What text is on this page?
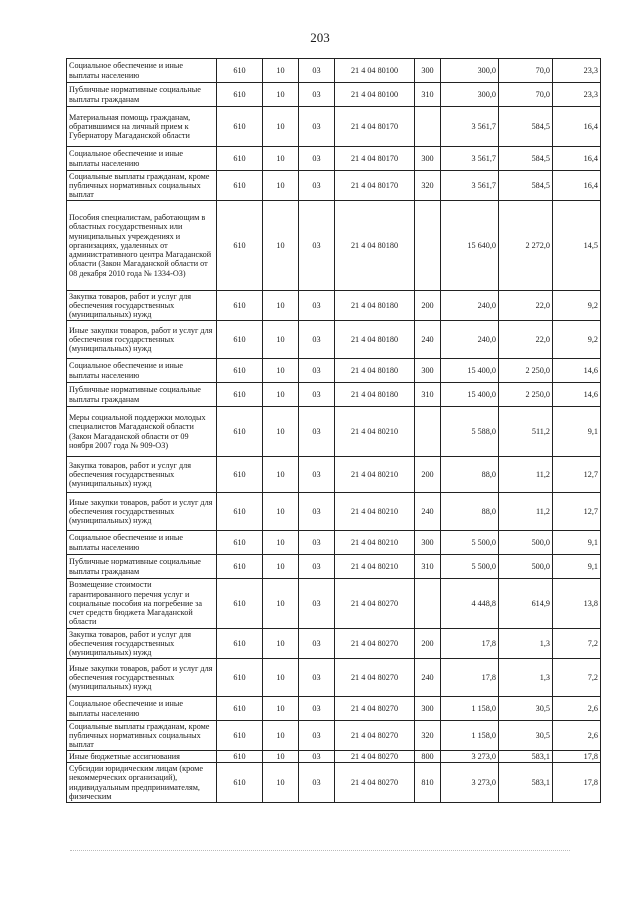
203
Социальное обеспечение и иные выплаты населению	610	10	03	21 4 04 80100	300	300,0	70,0	23,3
Публичные нормативные социальные выплаты гражданам	610	10	03	21 4 04 80100	310	300,0	70,0	23,3
Материальная помощь гражданам, обратившимся на личный прием к Губернатору Магаданской области	610	10	03	21 4 04 80170		3 561,7	584,5	16,4
Социальное обеспечение и иные выплаты населению	610	10	03	21 4 04 80170	300	3 561,7	584,5	16,4
Социальные выплаты гражданам, кроме публичных нормативных социальных выплат	610	10	03	21 4 04 80170	320	3 561,7	584,5	16,4
Пособия специалистам, работающим в областных государственных или муниципальных учреждениях и организациях, удаленных от административного центра Магаданской области (Закон Магаданской области от 08 декабря 2010 года № 1334-ОЗ)	610	10	03	21 4 04 80180		15 640,0	2 272,0	14,5
Закупка товаров, работ и услуг для обеспечения государственных (муниципальных) нужд	610	10	03	21 4 04 80180	200	240,0	22,0	9,2
Иные закупки товаров, работ и услуг для обеспечения государственных (муниципальных) нужд	610	10	03	21 4 04 80180	240	240,0	22,0	9,2
Социальное обеспечение и иные выплаты населению	610	10	03	21 4 04 80180	300	15 400,0	2 250,0	14,6
Публичные нормативные социальные выплаты гражданам	610	10	03	21 4 04 80180	310	15 400,0	2 250,0	14,6
Меры социальной поддержки молодых специалистов Магаданской области (Закон Магаданской области от 09 ноября 2007 года № 909-ОЗ)	610	10	03	21 4 04 80210		5 588,0	511,2	9,1
Закупка товаров, работ и услуг для обеспечения государственных (муниципальных) нужд	610	10	03	21 4 04 80210	200	88,0	11,2	12,7
Иные закупки товаров, работ и услуг для обеспечения государственных (муниципальных) нужд	610	10	03	21 4 04 80210	240	88,0	11,2	12,7
Социальное обеспечение и иные выплаты населению	610	10	03	21 4 04 80210	300	5 500,0	500,0	9,1
Публичные нормативные социальные выплаты гражданам	610	10	03	21 4 04 80210	310	5 500,0	500,0	9,1
Возмещение стоимости гарантированного перечня услуг и социальные пособия на погребение за счет средств бюджета Магаданской области	610	10	03	21 4 04 80270		4 448,8	614,9	13,8
Закупка товаров, работ и услуг для обеспечения государственных (муниципальных) нужд	610	10	03	21 4 04 80270	200	17,8	1,3	7,2
Иные закупки товаров, работ и услуг для обеспечения государственных (муниципальных) нужд	610	10	03	21 4 04 80270	240	17,8	1,3	7,2
Социальное обеспечение и иные выплаты населению	610	10	03	21 4 04 80270	300	1 158,0	30,5	2,6
Социальные выплаты гражданам, кроме публичных нормативных социальных выплат	610	10	03	21 4 04 80270	320	1 158,0	30,5	2,6
Иные бюджетные ассигнования	610	10	03	21 4 04 80270	800	3 273,0	583,1	17,8
Субсидии юридическим лицам (кроме некоммерческих организаций), индивидуальным предпринимателям, физическим	610	10	03	21 4 04 80270	810	3 273,0	583,1	17,8
